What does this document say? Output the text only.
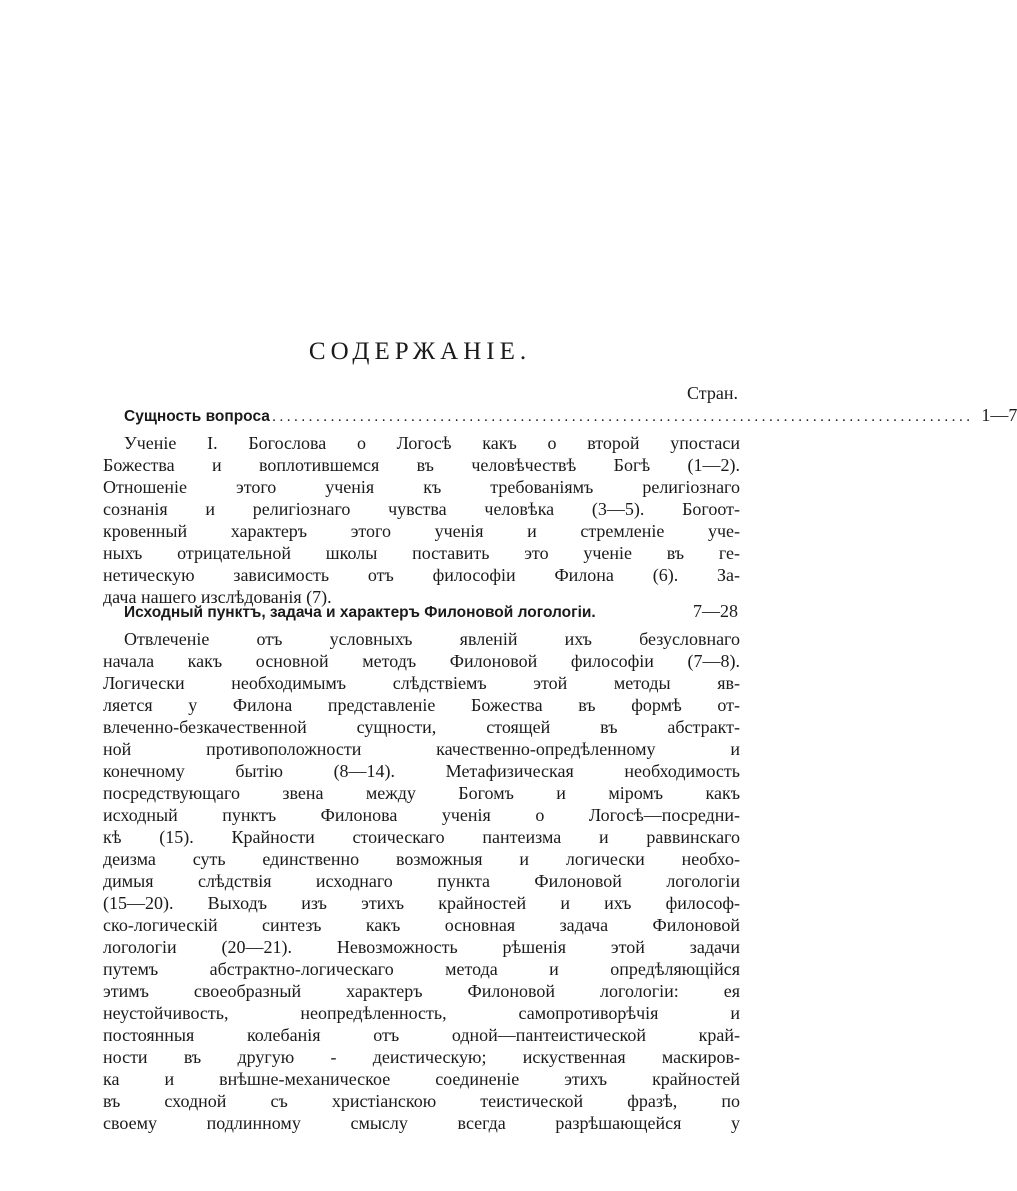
СОДЕРЖАНІЕ.
Стран.
Сущность вопроса ................................................................................................ 1—7
Ученіе І. Богослова о Логосѣ какъ о второй упостаси
Божества и воплотившемся въ человѣчествѣ Богѣ (1—2).
Отношеніе этого ученія къ требованіямъ религіознаго
сознанія и религіознаго чувства человѣка (3—5). Богоот-
кровенный характеръ этого ученія и стремленіе уче-
ныхъ отрицательной школы поставить это ученіе въ ге-
нетическую зависимость отъ философіи Филона (6). За-
дача нашего изслѣдованія (7).
Исходный пунктъ, задача и характеръ Филоновой логологіи.	7—28
Отвлеченіе отъ условныхъ явленій ихъ безусловнаго
начала какъ основной методъ Филоновой философіи (7—8).
Логически необходимымъ слѣдствіемъ этой методы яв-
ляется у Филона представленіе Божества въ формѣ от-
влеченно-безкачественной сущности, стоящей въ абстракт-
ной противоположности качественно-опредѣленному и
конечному бытію (8—14). Метафизическая необходимость
посредствующаго звена между Богомъ и міромъ какъ
исходный пунктъ Филонова ученія о Логосѣ—посредни-
кѣ (15). Крайности стоическаго пантеизма и раввинскаго
деизма суть единственно возможныя и логически необхо-
димыя слѣдствія исходнаго пункта Филоновой логологіи
(15—20). Выходъ изъ этихъ крайностей и ихъ философ-
ско-логическій синтезъ какъ основная задача Филоновой
логологіи (20—21). Невозможность рѣшенія этой задачи
путемъ абстрактно-логическаго метода и опредѣляющійся
этимъ своеобразный характеръ Филоновой логологіи: ея
неустойчивость, неопредѣленность, самопротиворѣчія и
постоянныя колебанія отъ одной—пантеистической край-
ности въ другую - деистическую; искуственная маскиров-
ка и внѣшне-механическое соединеніе этихъ крайностей
въ сходной съ христіанскою теистической фразѣ, по
своему подлинному смыслу всегда разрѣшающейся у
